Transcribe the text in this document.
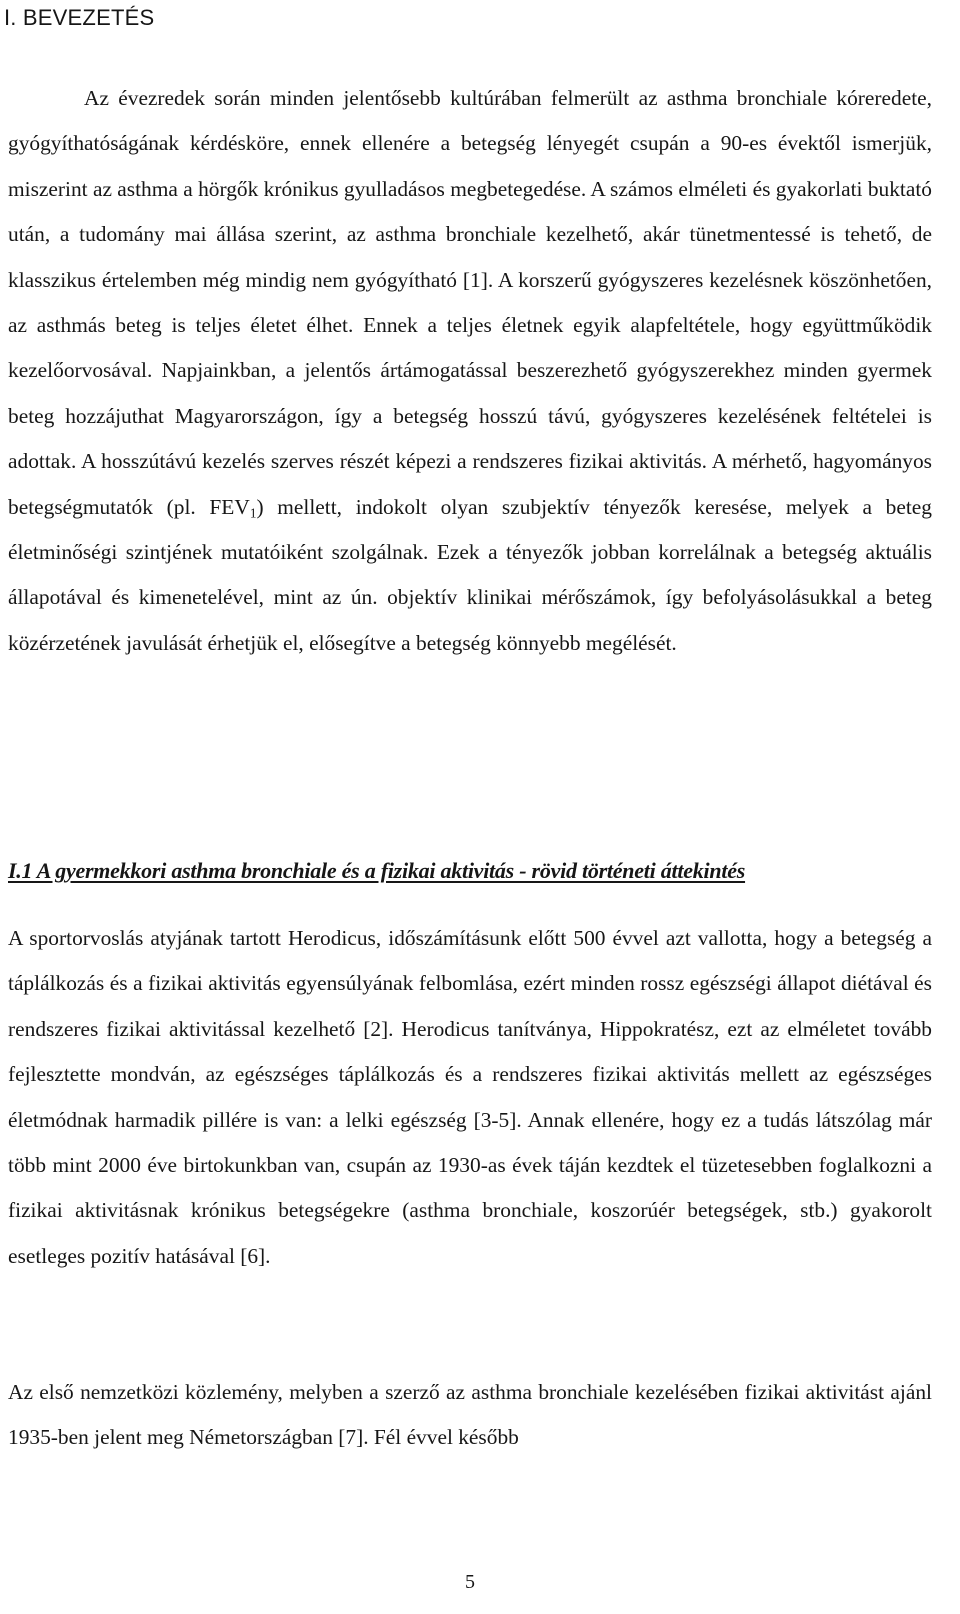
I. BEVEZETÉS

Az évezredek során minden jelentősebb kultúrában felmerült az asthma bronchiale kóreredete, gyógyíthatóságának kérdésköre, ennek ellenére a betegség lényegét csupán a 90-es évektől ismerjük, miszerint az asthma a hörgők krónikus gyulladásos megbetegedése. A számos elméleti és gyakorlati buktató után, a tudomány mai állása szerint, az asthma bronchiale kezelhető, akár tünetmentessé is tehető, de klasszikus értelemben még mindig nem gyógyítható [1]. A korszerű gyógyszeres kezelésnek köszönhetően, az asthmás beteg is teljes életet élhet. Ennek a teljes életnek egyik alapfeltétele, hogy együttműködik kezelőorvosával. Napjainkban, a jelentős ártámogatással beszerezhető gyógyszerekhez minden gyermek beteg hozzájuthat Magyarországon, így a betegség hosszú távú, gyógyszeres kezelésének feltételei is adottak. A hosszútávú kezelés szerves részét képezi a rendszeres fizikai aktivitás. A mérhető, hagyományos betegségmutatók (pl. $FEV_1$) mellett, indokolt olyan szubjektív tényezők keresése, melyek a beteg életminőségi szintjének mutatóiként szolgálnak. Ezek a tényezők jobban korrelálnak a betegség aktuális állapotával és kimenetelével, mint az ún. objektív klinikai mérőszámok, így befolyásolásukkal a beteg közérzetének javulását érhetjük el, elősegítve a betegség könnyebb megélését.

I.1 A gyermekkori asthma bronchiale és a fizikai aktivitás - rövid történeti áttekintés

A sportorvoslás atyjának tartott Herodicus, időszámításunk előtt 500 évvel azt vallotta, hogy a betegség a táplálkozás és a fizikai aktivitás egyensúlyának felbomlása, ezért minden rossz egészségi állapot diétával és rendszeres fizikai aktivitással kezelhető [2]. Herodicus tanítványa, Hippokratész, ezt az elméletet tovább fejlesztette mondván, az egészséges táplálkozás és a rendszeres fizikai aktivitás mellett az egészséges életmódnak harmadik pillére is van: a lelki egészség [3-5]. Annak ellenére, hogy ez a tudás látszólag már több mint 2000 éve birtokunkban van, csupán az 1930-as évek táján kezdtek el tüzetesebben foglalkozni a fizikai aktivitásnak krónikus betegségekre (asthma bronchiale, koszorúér betegségek, stb.) gyakorolt esetleges pozitív hatásával [6].

Az első nemzetközi közlemény, melyben a szerző az asthma bronchiale kezelésében fizikai aktivitást ajánl 1935-ben jelent meg Németországban [7]. Fél évvel később

5
